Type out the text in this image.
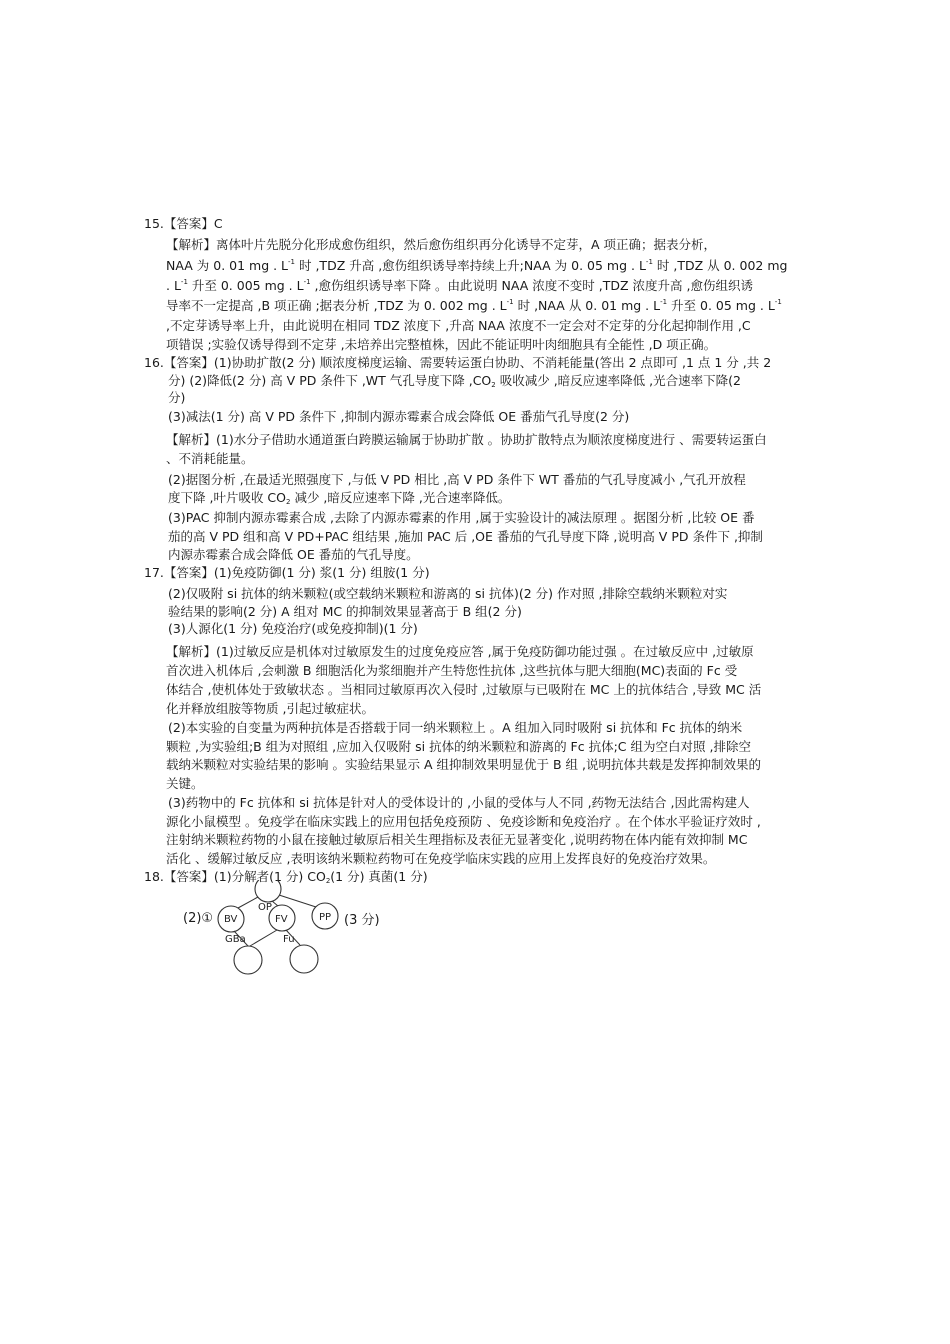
15.【答案】C
【解析】离体叶片先脱分化形成愈伤组织，然后愈伤组织再分化诱导不定芽，A 项正确；据表分析，
NAA 为 0. 01 mg . $L^{-1}$ 时 ,TDZ 升高 ,愈伤组织诱导率持续上升;NAA 为 0. 05 mg . $L^{-1}$ 时 ,TDZ 从 0. 002 mg
. $L^{-1}$ 升至 0. 005 mg . $L^{-1}$ ,愈伤组织诱导率下降 。由此说明 NAA 浓度不变时 ,TDZ 浓度升高 ,愈伤组织诱
导率不一定提高 ,B 项正确 ;据表分析 ,TDZ 为 0. 002 mg . $L^{-1}$ 时 ,NAA 从 0. 01 mg . $L^{-1}$ 升至 0. 05 mg . $L^{-1}$
,不定芽诱导率上升，由此说明在相同 TDZ 浓度下 ,升高 NAA 浓度不一定会对不定芽的分化起抑制作用 ,C
项错误 ;实验仅诱导得到不定芽 ,未培养出完整植株，因此不能证明叶肉细胞具有全能性 ,D 项正确。
16.【答案】(1)协助扩散(2 分) 顺浓度梯度运输、需要转运蛋白协助、不消耗能量(答出 2 点即可 ,1 点 1 分 ,共 2
分) (2)降低(2 分) 高 V PD 条件下 ,WT 气孔导度下降 $,CO_2$ 吸收减少 ,暗反应速率降低 ,光合速率下降(2
分)
(3)减法(1 分) 高 V PD 条件下 ,抑制内源赤霉素合成会降低 OE 番茄气孔导度(2 分)
【解析】(1)水分子借助水通道蛋白跨膜运输属于协助扩散 。协助扩散特点为顺浓度梯度进行 、需要转运蛋白
、不消耗能量。
(2)据图分析 ,在最适光照强度下 ,与低 V PD 相比 ,高 V PD 条件下 WT 番茄的气孔导度减小 ,气孔开放程
度下降 ,叶片吸收 $CO_2$ 减少 ,暗反应速率下降 ,光合速率降低。
(3)PAC 抑制内源赤霉素合成 ,去除了内源赤霉素的作用 ,属于实验设计的减法原理 。据图分析 ,比较 OE 番
茄的高 V PD 组和高 V PD+PAC 组结果 ,施加 PAC 后 ,OE 番茄的气孔导度下降 ,说明高 V PD 条件下 ,抑制
内源赤霉素合成会降低 OE 番茄的气孔导度。
17.【答案】(1)免疫防御(1 分) 浆(1 分) 组胺(1 分)
(2)仅吸附 si 抗体的纳米颗粒(或空载纳米颗粒和游离的 si 抗体)(2 分) 作对照 ,排除空载纳米颗粒对实
验结果的影响(2 分) A 组对 MC 的抑制效果显著高于 B 组(2 分)
(3)人源化(1 分) 免疫治疗(或免疫抑制)(1 分)
【解析】(1)过敏反应是机体对过敏原发生的过度免疫应答 ,属于免疫防御功能过强 。在过敏反应中 ,过敏原
首次进入机体后 ,会刺激 B 细胞活化为浆细胞并产生特您性抗体 ,这些抗体与肥大细胞(MC)表面的 Fc 受
体结合 ,使机体处于致敏状态 。当相同过敏原再次入侵时 ,过敏原与已吸附在 MC 上的抗体结合 ,导致 MC 活
化并释放组胺等物质 ,引起过敏症状。
(2)本实验的自变量为两种抗体是否搭载于同一纳米颗粒上 。A 组加入同时吸附 si 抗体和 Fc 抗体的纳米
颗粒 ,为实验组;B 组为对照组 ,应加入仅吸附 si 抗体的纳米颗粒和游离的 Fc 抗体;C 组为空白对照 ,排除空
载纳米颗粒对实验结果的影响 。实验结果显示 A 组抑制效果明显优于 B 组 ,说明抗体共载是发挥抑制效果的
关键。
(3)药物中的 Fc 抗体和 si 抗体是针对人的受体设计的 ,小鼠的受体与人不同 ,药物无法结合 ,因此需构建人
源化小鼠模型 。免疫学在临床实践上的应用包括免疫预防 、免疫诊断和免疫治疗 。在个体水平验证疗效时 ,
注射纳米颗粒药物的小鼠在接触过敏原后相关生理指标及表征无显著变化 ,说明药物在体内能有效抑制 MC
活化 、缓解过敏反应 ,表明该纳米颗粒药物可在免疫学临床实践的应用上发挥良好的免疫治疗效果。
18.【答案】(1)分解者(1 分) $CO_2(1$ 分) 真菌(1 分)
OP
BV	FV	PP
GBa	Fu
(2)①	(3 分)
